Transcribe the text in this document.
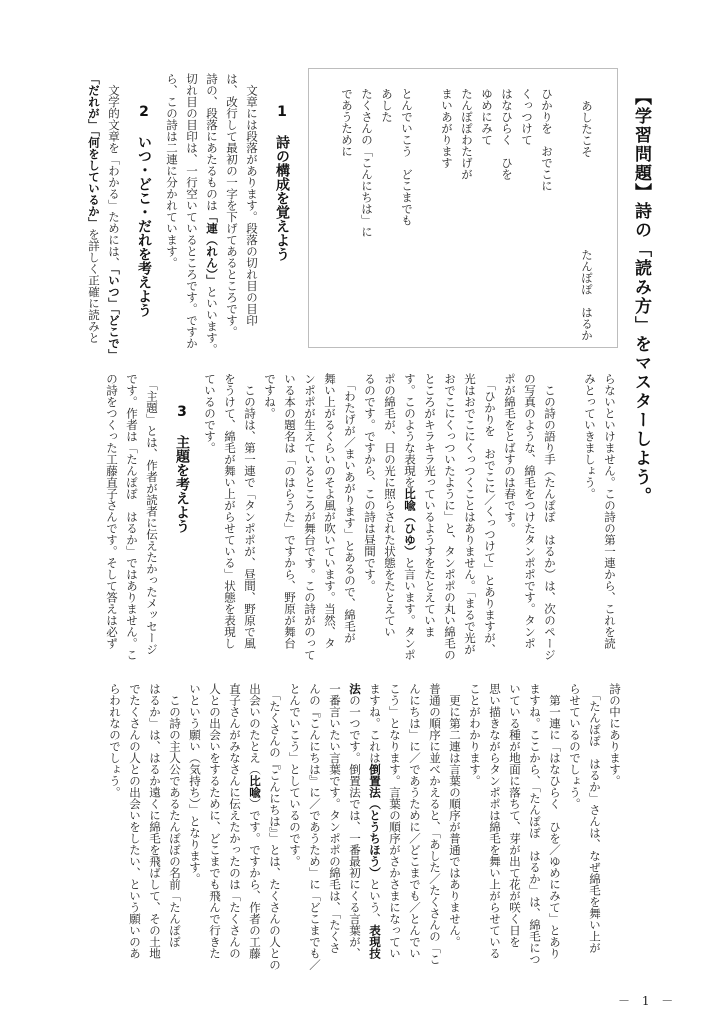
【学習問題】詩の「読み方」をマスターしよう。
あしたこそたんぽぽ　はるか
ひかりを　おでこに
くっつけて
はなひらく　ひを
ゆめにみて
たんぽぽわたげが
まいあがります
とんでいこう　どこまでも
あした
たくさんの「こんにちは」に
であうために
1詩の構成を覚えよう
　文章には段落があります。段落の切れ目の目印
は、改行して最初の一字を下げてあるところです。
詩の、段落にあたるものは「連（れん）」といいます。
切れ目の目印は、一行空いているところです。ですか
ら、この詩は二連に分かれています。
2いつ・どこ・だれを考えよう
　文学的文章を「わかる」ためには、「いつ」「どこで」
「だれが」「何をしているか」を詳しく正確に読みと
らないといけません。この詩の第一連から、これを読
みとっていきましょう。
　この詩の語り手（たんぽぽ　はるか）は、次のページ
の写真のような、綿毛をつけたタンポポです。タンポ
ポが綿毛をとばすのは春です。
　「ひかりを　おでこに／くっつけて」とありますが、
光はおでこにくっつくことはありません。「まるで光が
おでこにくっついたように」と、タンポポの丸い綿毛の
ところがキラキラ光っているようすをたとえていま
す。このような表現を比喩（ひゆ）と言います。タンポ
ポの綿毛が、日の光に照らされた状態をたとえてい
るのです。ですから、この詩は昼間です。
　「わたげが／まいあがります」とあるので、綿毛が
舞い上がるくらいのそよ風が吹いています。当然、タ
ンポポが生えているところが舞台です。この詩がのって
いる本の題名は「のはらうた」ですから、野原が舞台
ですね。
　この詩は、第一連で「タンポポが、昼間、野原で風
をうけて、綿毛が舞い上がらせている」状態を表現し
ているのです。
3主題を考えよう
　「主題」とは、作者が読者に伝えたかったメッセージ
です。作者は「たんぽぽ　はるか」ではありません。こ
の詩をつくった工藤直子さんです。そして答えは必ず
詩の中にあります。
　「たんぽぽ　はるか」さんは、なぜ綿毛を舞い上が
らせているのでしょう。
　第一連に「はなひらく　ひを／ゆめにみて」とあり
ますね。ここから、「たんぽぽ　はるか」は、綿毛につ
いている種が地面に落ちて、芽が出て花が咲く日を
思い描きながらタンポポは綿毛を舞い上がらせている
ことがわかります。
　更に第二連は言葉の順序が普通ではありません。
普通の順序に並べかえると、「あした／たくさんの「こ
んにちは」に／であうために／どこまでも／とんでい
こう」となります。言葉の順序がさかさまになってい
ますね。これは倒置法（とうちほう）という、表現技
法の一つです。倒置法では、一番最初にくる言葉が、
一番言いたい言葉です。タンポポの綿毛は、「たくさ
んの『こんにちは』に／であうため」に「どこまでも／
とんでいこう」としているのです。
　「たくさんの『こんにちは』」とは、たくさんの人との
出会いのたとえ（比喩）です。ですから、作者の工藤
直子さんがみなさんに伝えたかったのは「たくさんの
人との出会いをするために、どこまでも飛んで行きた
いという願い（気持ち）」となります。
　この詩の主人公であるたんぽぽの名前「たんぽぽ
はるか」は、はるか遠くに綿毛を飛ばして、その土地
でたくさんの人との出会いをしたい、という願いのあ
らわれなのでしょう。
－ 1 －
